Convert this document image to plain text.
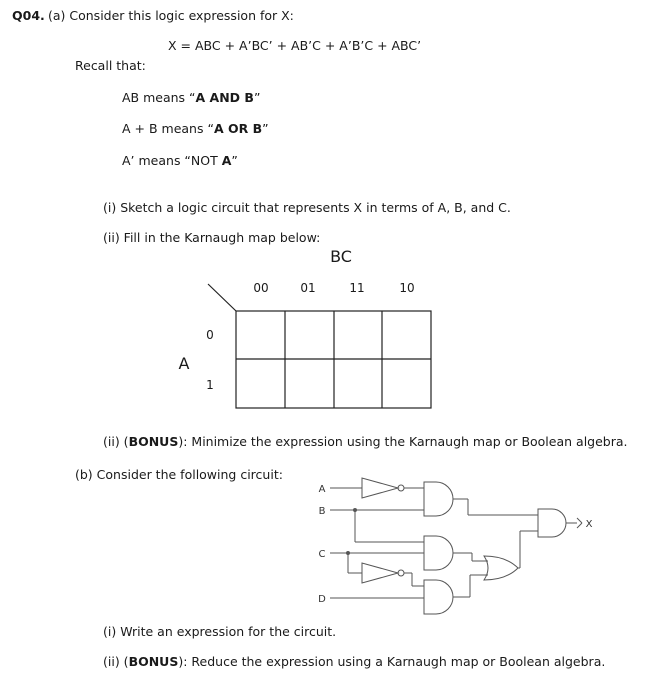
Q04. (a) Consider this logic expression for X:
X = ABC + A’BC’ + AB’C + A’B’C + ABC’
Recall that:
AB means “A AND B”
A + B means “A OR B”
A’ means “NOT A”
(i) Sketch a logic circuit that represents X in terms of A, B, and C.
(ii) Fill in the Karnaugh map below:
BC
00	01	11	10
A
0
1
(ii) (BONUS): Minimize the expression using the Karnaugh map or Boolean algebra.
(b) Consider the following circuit:
A
B
C
D
X
(i) Write an expression for the circuit.
(ii) (BONUS): Reduce the expression using a Karnaugh map or Boolean algebra.
